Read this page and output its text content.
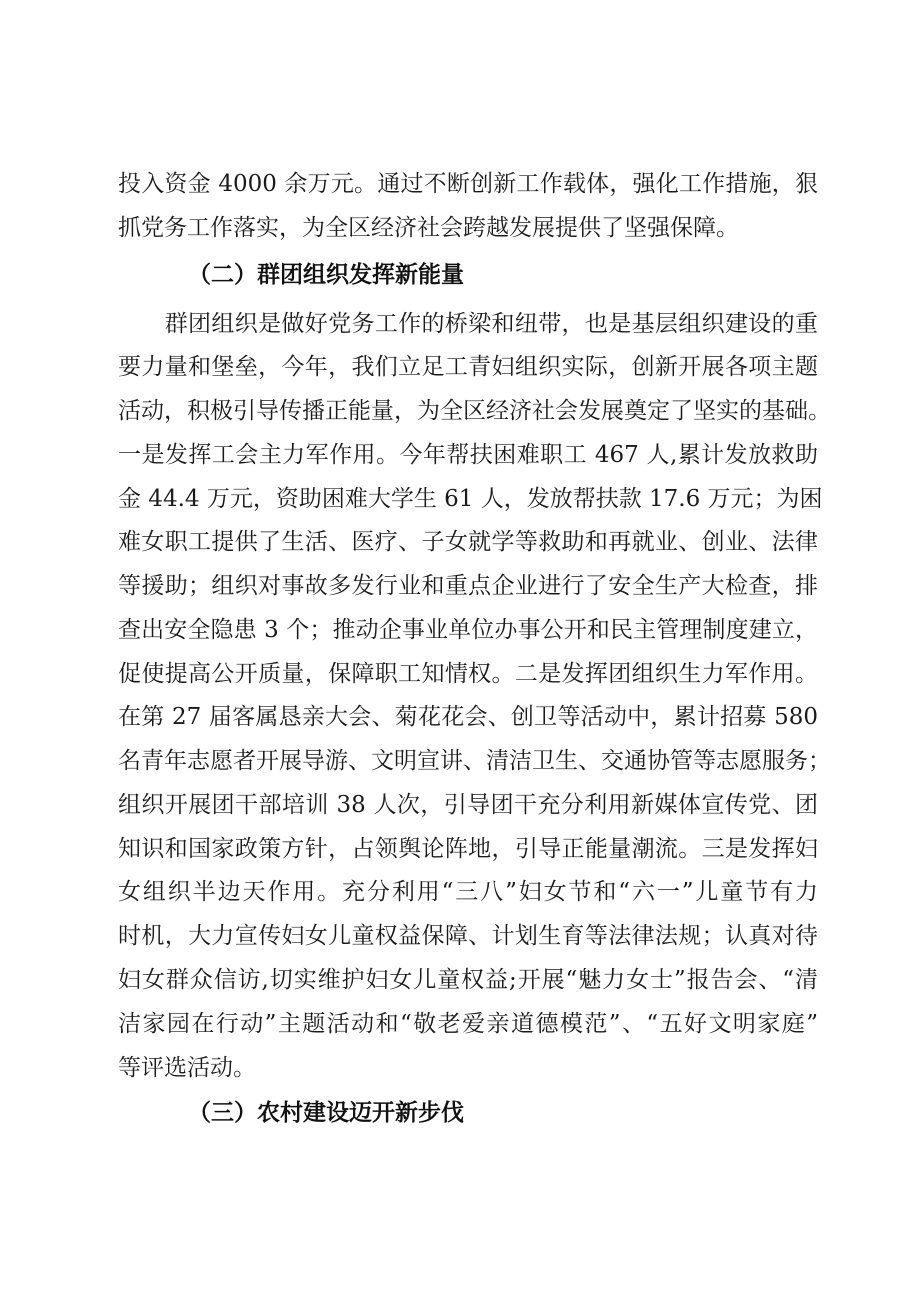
投入资金 4000 余万元。通过不断创新工作载体，强化工作措施，狠
抓党务工作落实，为全区经济社会跨越发展提供了坚强保障。
（二）群团组织发挥新能量
　　群团组织是做好党务工作的桥梁和纽带，也是基层组织建设的重
要力量和堡垒，今年，我们立足工青妇组织实际，创新开展各项主题
活动，积极引导传播正能量，为全区经济社会发展奠定了坚实的基础。
一是发挥工会主力军作用。今年帮扶困难职工 467 人,累计发放救助
金 44.4 万元，资助困难大学生 61 人，发放帮扶款 17.6 万元；为困
难女职工提供了生活、医疗、子女就学等救助和再就业、创业、法律
等援助；组织对事故多发行业和重点企业进行了安全生产大检查，排
查出安全隐患 3 个；推动企事业单位办事公开和民主管理制度建立，
促使提高公开质量，保障职工知情权。二是发挥团组织生力军作用。
在第 27 届客属恳亲大会、菊花花会、创卫等活动中，累计招募 580
名青年志愿者开展导游、文明宣讲、清洁卫生、交通协管等志愿服务；
组织开展团干部培训 38 人次，引导团干充分利用新媒体宣传党、团
知识和国家政策方针，占领舆论阵地，引导正能量潮流。三是发挥妇
女组织半边天作用。充分利用“三八”妇女节和“六一”儿童节有力
时机，大力宣传妇女儿童权益保障、计划生育等法律法规；认真对待
妇女群众信访,切实维护妇女儿童权益;开展“魅力女士”报告会、“清
洁家园在行动”主题活动和“敬老爱亲道德模范”、“五好文明家庭”
等评选活动。
（三）农村建设迈开新步伐
